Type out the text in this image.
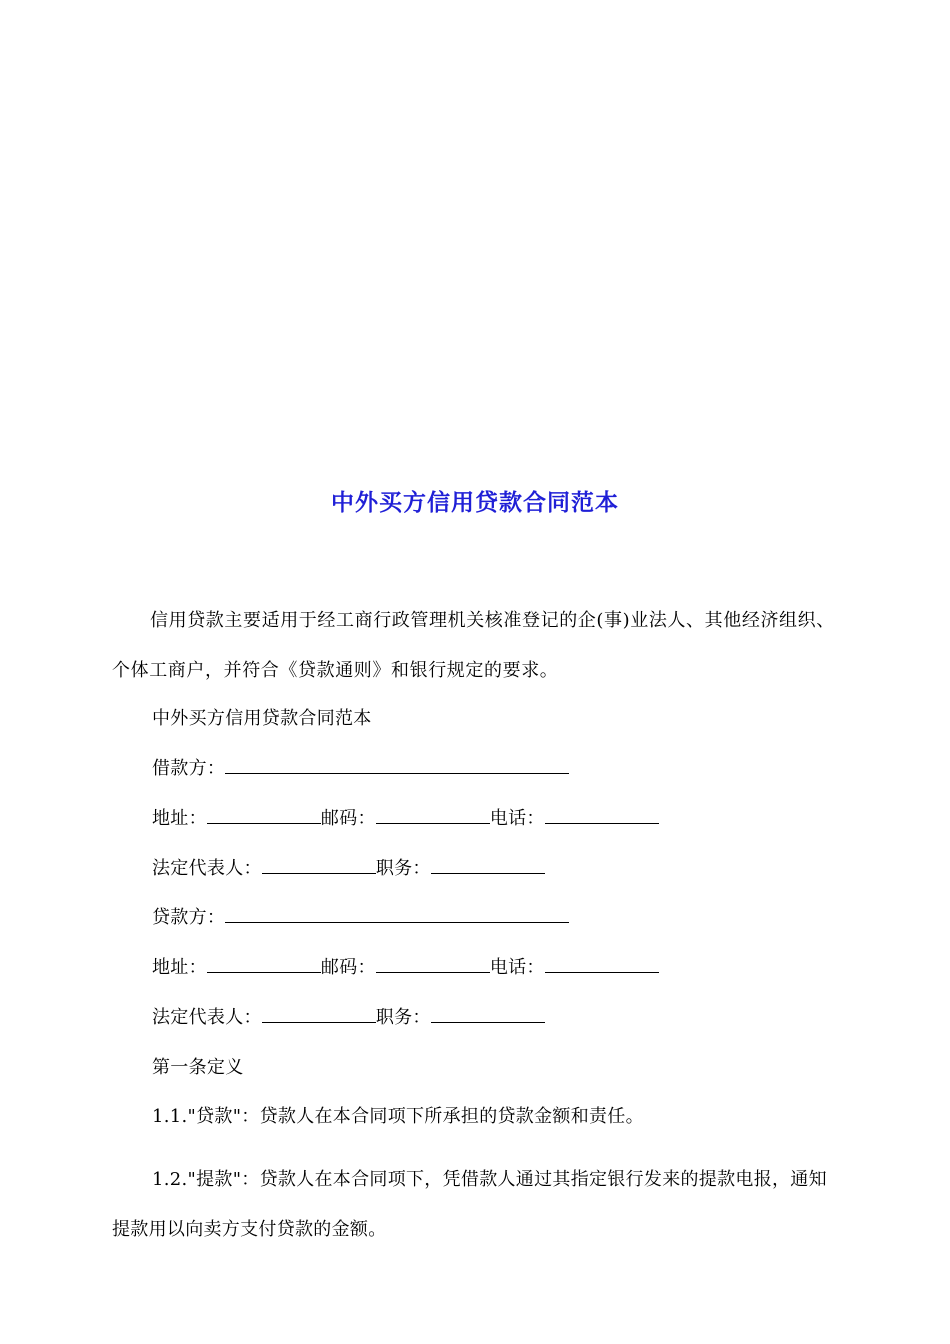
中外买方信用贷款合同范本
信用贷款主要适用于经工商行政管理机关核准登记的企(事)业法人、其他经济组织、个体工商户，并符合《贷款通则》和银行规定的要求。
中外买方信用贷款合同范本
借款方：
地址：	邮码：	电话：
法定代表人：	职务：
贷款方：
地址：	邮码：	电话：
法定代表人：	职务：
第一条定义
1.1."贷款"：贷款人在本合同项下所承担的贷款金额和责任。
1.2."提款"：贷款人在本合同项下，凭借款人通过其指定银行发来的提款电报，通知提款用以向卖方支付贷款的金额。
